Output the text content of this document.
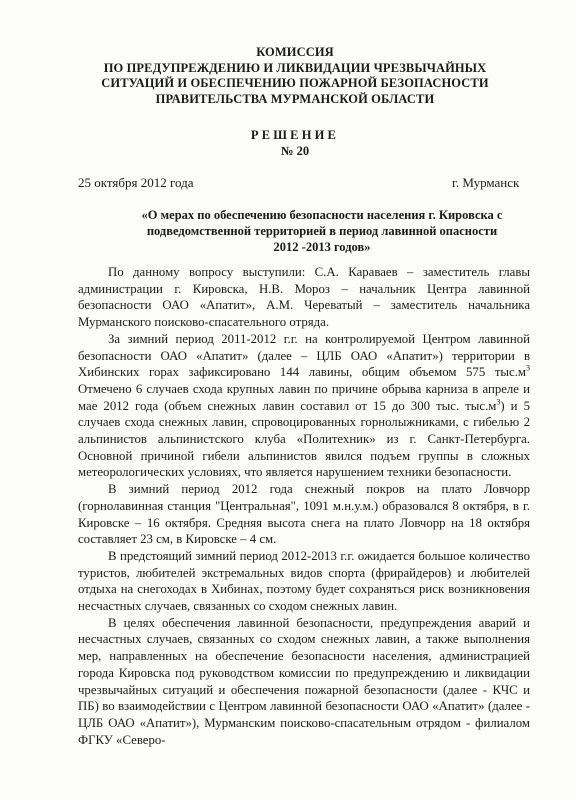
КОМИССИЯ
ПО ПРЕДУПРЕЖДЕНИЮ И ЛИКВИДАЦИИ ЧРЕЗВЫЧАЙНЫХ
СИТУАЦИЙ И ОБЕСПЕЧЕНИЮ ПОЖАРНОЙ БЕЗОПАСНОСТИ
ПРАВИТЕЛЬСТВА МУРМАНСКОЙ ОБЛАСТИ
РЕШЕНИЕ
№ 20
25 октября 2012 года	г. Мурманск
«О мерах по обеспечению безопасности населения г. Кировска с
подведомственной территорией в период лавинной опасности
2012 -2013 годов»

По данному вопросу выступили: С.А. Караваев – заместитель главы администрации г. Кировска, Н.В. Мороз – начальник Центра лавинной безопасности ОАО «Апатит», А.М. Череватый – заместитель начальника Мурманского поисково-спасательного отряда.

За зимний период 2011-2012 г.г. на контролируемой Центром лавинной безопасности ОАО «Апатит» (далее – ЦЛБ ОАО «Апатит») территории в Хибинских горах зафиксировано 144 лавины, общим объемом 575 $тыс.м^3$ Отмечено 6 случаев схода крупных лавин по причине обрыва карниза в апреле и мае 2012 года (объем снежных лавин составил от 15 до 300 тыс. $тыс.м^3$) и 5 случаев схода снежных лавин, спровоцированных горнолыжниками, с гибелью 2 альпинистов альпинистского клуба «Политехник» из г. Санкт-Петербурга. Основной причиной гибели альпинистов явился подъем группы в сложных метеорологических условиях, что является нарушением техники безопасности.

В зимний период 2012 года снежный покров на плато Ловчорр (горнолавинная станция "Центральная", 1091 м.н.у.м.) образовался 8 октября, в г. Кировске – 16 октября. Средняя высота снега на плато Ловчорр на 18 октября составляет 23 см, в Кировске – 4 см.

В предстоящий зимний период 2012-2013 г.г. ожидается большое количество туристов, любителей экстремальных видов спорта (фрирайдеров) и любителей отдыха на снегоходах в Хибинах, поэтому будет сохраняться риск возникновения несчастных случаев, связанных со сходом снежных лавин.

В целях обеспечения лавинной безопасности, предупреждения аварий и несчастных случаев, связанных со сходом снежных лавин, а также выполнения мер, направленных на обеспечение безопасности населения, администрацией города Кировска под руководством комиссии по предупреждению и ликвидации чрезвычайных ситуаций и обеспечения пожарной безопасности (далее - КЧС и ПБ) во взаимодействии с Центром лавинной безопасности ОАО «Апатит» (далее - ЦЛБ ОАО «Апатит»), Мурманским поисково-спасательным отрядом - филиалом ФГКУ «Северо-
